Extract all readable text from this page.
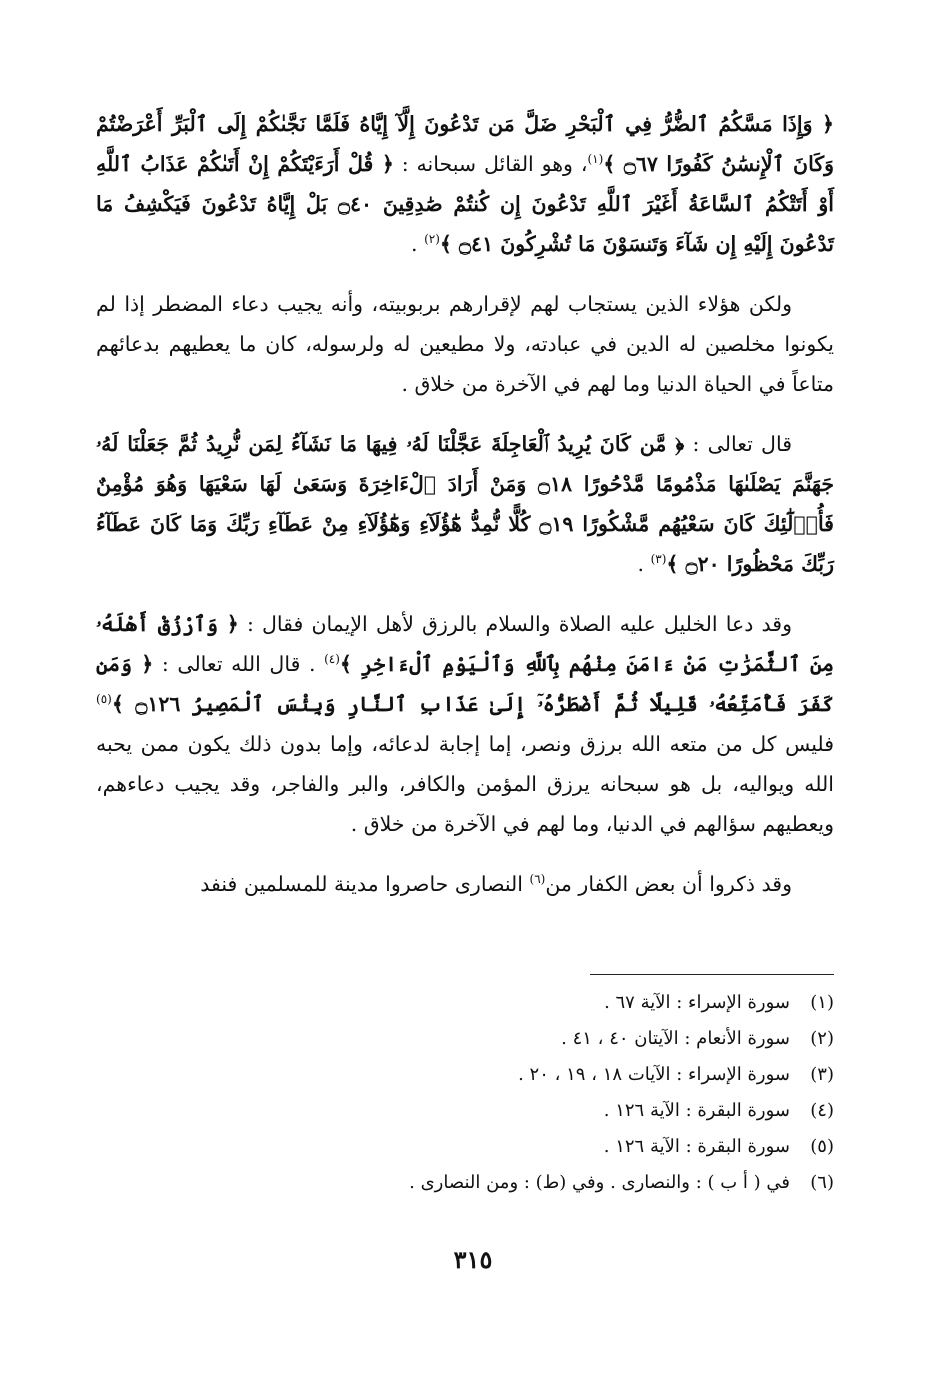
﴿ وَإِذَا مَسَّكُمُ ٱلضُّرُّ فِي ٱلْبَحْرِ ضَلَّ مَن تَدْعُونَ إِلَّآ إِيَّاهُ فَلَمَّا نَجَّىٰكُمْ إِلَى ٱلْبَرِّ أَعْرَضْتُمْ وَكَانَ ٱلْإِنسَٰنُ كَفُورًا ۝٦٧ ﴾$^{(١)}$، وهو القائل سبحانه : ﴿ قُلْ أَرَءَيْتَكُمْ إِنْ أَتَىٰكُمْ عَذَابُ ٱللَّهِ أَوْ أَتَتْكُمُ ٱلسَّاعَةُ أَغَيْرَ ٱللَّهِ تَدْعُونَ إِن كُنتُمْ صَٰدِقِينَ ۝٤٠ بَلْ إِيَّاهُ تَدْعُونَ فَيَكْشِفُ مَا تَدْعُونَ إِلَيْهِ إِن شَآءَ وَتَنسَوْنَ مَا تُشْرِكُونَ ۝٤١ ﴾$^{(٢)}$ .

ولكن هؤلاء الذين يستجاب لهم لإقرارهم بربوبيته، وأنه يجيب دعاء المضطر إذا لم يكونوا مخلصين له الدين في عبادته، ولا مطيعين له ولرسوله، كان ما يعطيهم بدعائهم متاعاً في الحياة الدنيا وما لهم في الآخرة من خلاق .

قال تعالى : ﴿ مَّن كَانَ يُرِيدُ ٱلْعَاجِلَةَ عَجَّلْنَا لَهُۥ فِيهَا مَا نَشَآءُ لِمَن نُّرِيدُ ثُمَّ جَعَلْنَا لَهُۥ جَهَنَّمَ يَصْلَىٰهَا مَذْمُومًا مَّدْحُورًا ۝١٨ وَمَنْ أَرَادَ ٱلْءَاخِرَةَ وَسَعَىٰ لَهَا سَعْيَهَا وَهُوَ مُؤْمِنٌ فَأُو۟لَٰٓئِكَ كَانَ سَعْيُهُم مَّشْكُورًا ۝١٩ كُلًّا نُّمِدُّ هَٰٓؤُلَآءِ وَهَٰٓؤُلَآءِ مِنْ عَطَآءِ رَبِّكَ وَمَا كَانَ عَطَآءُ رَبِّكَ مَحْظُورًا ۝٢٠ ﴾$^{(٣)}$ .

وقد دعا الخليل عليه الصلاة والسلام بالرزق لأهل الإيمان فقال : ﴿ وَٱرْزُقْ أَهْلَهُۥ مِنَ ٱلثَّمَرَٰتِ مَنْ ءَامَنَ مِنْهُم بِٱللَّهِ وَٱلْيَوْمِ ٱلْءَاخِرِ ﴾$^{(٤)}$ . قال الله تعالى : ﴿ وَمَن كَفَرَ فَأُمَتِّعُهُۥ قَلِيلًا ثُمَّ أَضْطَرُّهُۥٓ إِلَىٰ عَذَابِ ٱلنَّارِ وَبِئْسَ ٱلْمَصِيرُ ۝١٢٦ ﴾$^{(٥)}$ فليس كل من متعه الله برزق ونصر، إما إجابة لدعائه، وإما بدون ذلك يكون ممن يحبه الله ويواليه، بل هو سبحانه يرزق المؤمن والكافر، والبر والفاجر، وقد يجيب دعاءهم، ويعطيهم سؤالهم في الدنيا، وما لهم في الآخرة من خلاق .

وقد ذكروا أن بعض الكفار من$^{(٦)}$ النصارى حاصروا مدينة للمسلمين فنفد

(١)سورة الإسراء : الآية ٦٧ .
(٢)سورة الأنعام : الآيتان ٤٠ ، ٤١ .
(٣)سورة الإسراء : الآيات ١٨ ، ١٩ ، ٢٠ .
(٤)سورة البقرة : الآية ١٢٦ .
(٥)سورة البقرة : الآية ١٢٦ .
(٦)في ( أ ب ) : والنصارى . وفي (ط) : ومن النصارى .
٣١٥
